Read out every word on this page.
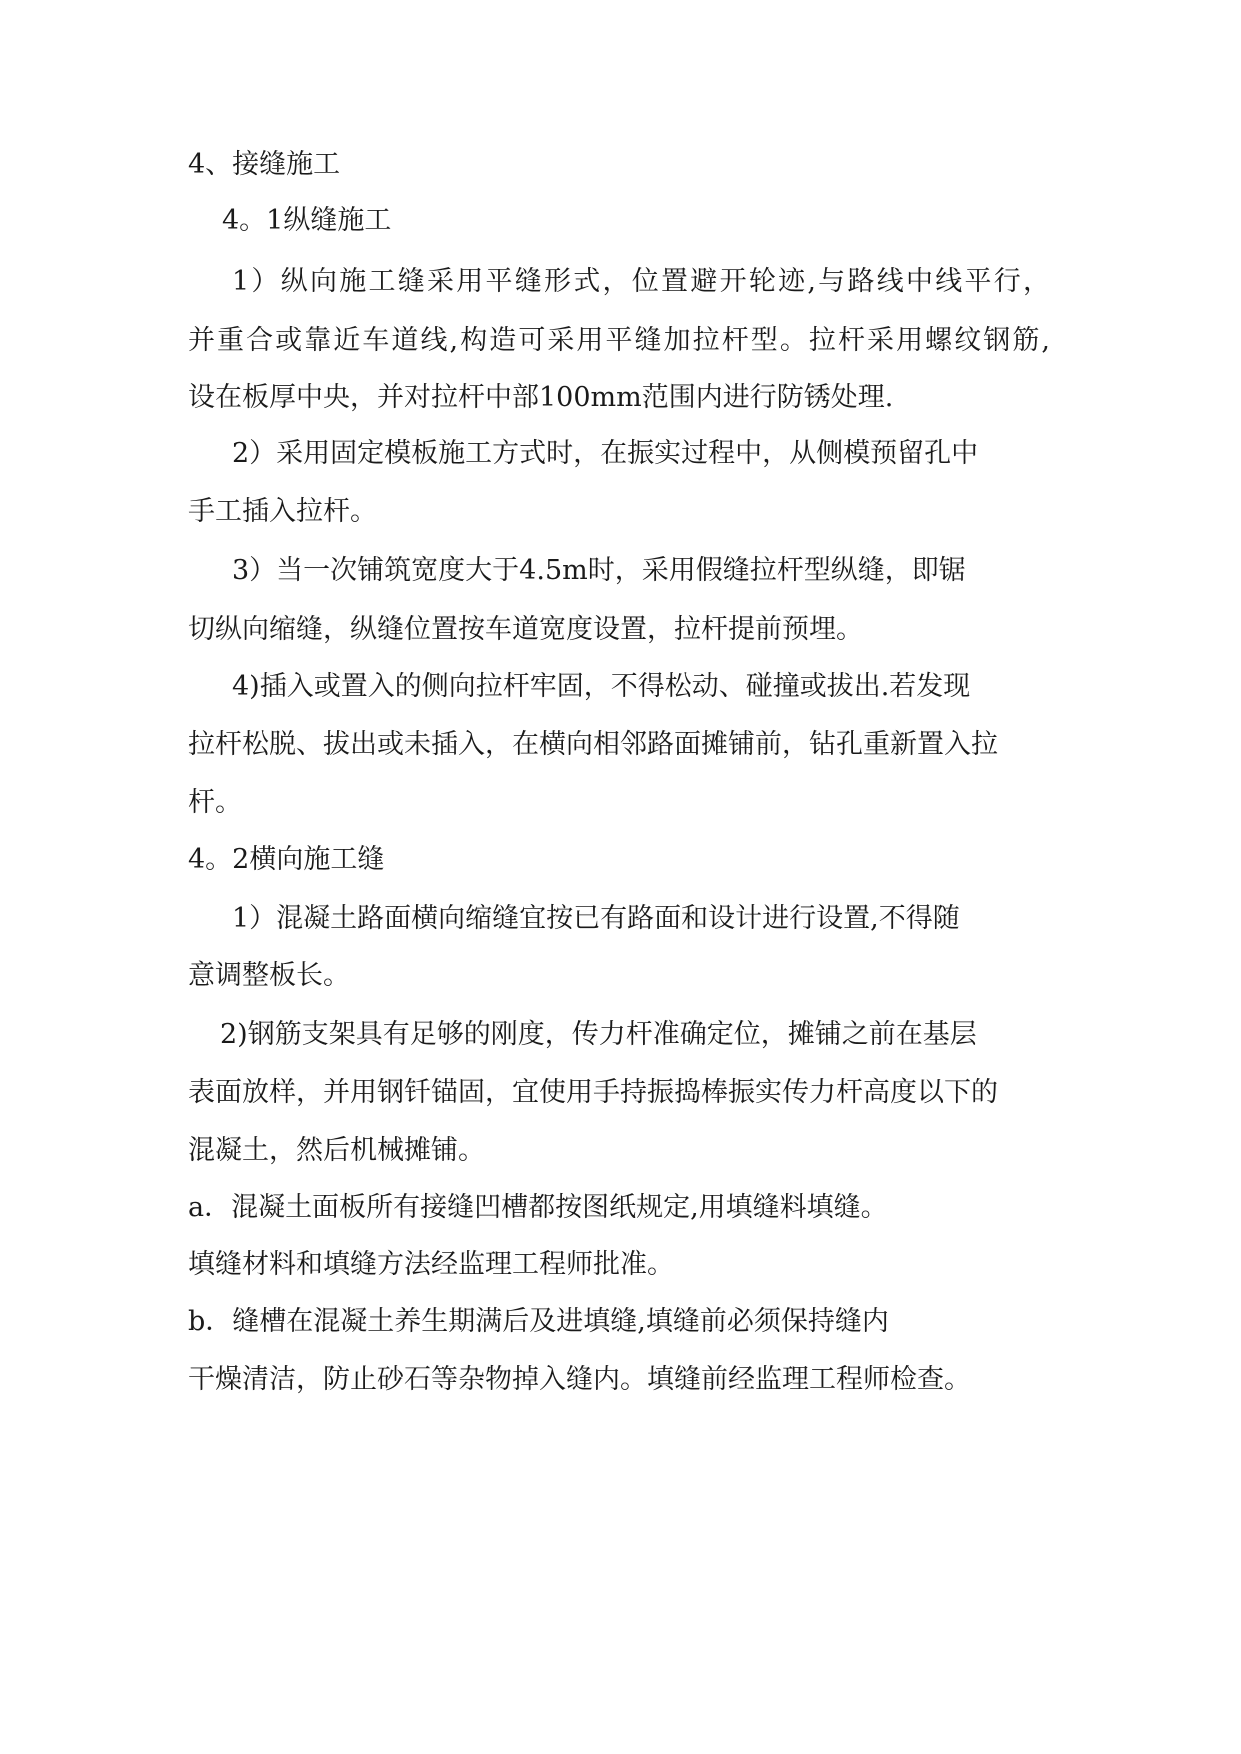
4、接缝施工

4。1纵缝施工

1）纵向施工缝采用平缝形式，位置避开轮迹,与路线中线平行，

并重合或靠近车道线,构造可采用平缝加拉杆型。拉杆采用螺纹钢筋,

设在板厚中央，并对拉杆中部100mm范围内进行防锈处理.

2）采用固定模板施工方式时，在振实过程中，从侧模预留孔中

手工插入拉杆。

3）当一次铺筑宽度大于4.5m时，采用假缝拉杆型纵缝，即锯

切纵向缩缝，纵缝位置按车道宽度设置，拉杆提前预埋。

4)插入或置入的侧向拉杆牢固，不得松动、碰撞或拔出.若发现

拉杆松脱、拔出或未插入，在横向相邻路面摊铺前，钻孔重新置入拉

杆。

4。2横向施工缝

1）混凝土路面横向缩缝宜按已有路面和设计进行设置,不得随

意调整板长。

2)钢筋支架具有足够的刚度，传力杆准确定位，摊铺之前在基层

表面放样，并用钢钎锚固，宜使用手持振捣棒振实传力杆高度以下的

混凝土，然后机械摊铺。

a．混凝土面板所有接缝凹槽都按图纸规定,用填缝料填缝。

填缝材料和填缝方法经监理工程师批准。

b．缝槽在混凝土养生期满后及进填缝,填缝前必须保持缝内

干燥清洁，防止砂石等杂物掉入缝内。填缝前经监理工程师检查。
